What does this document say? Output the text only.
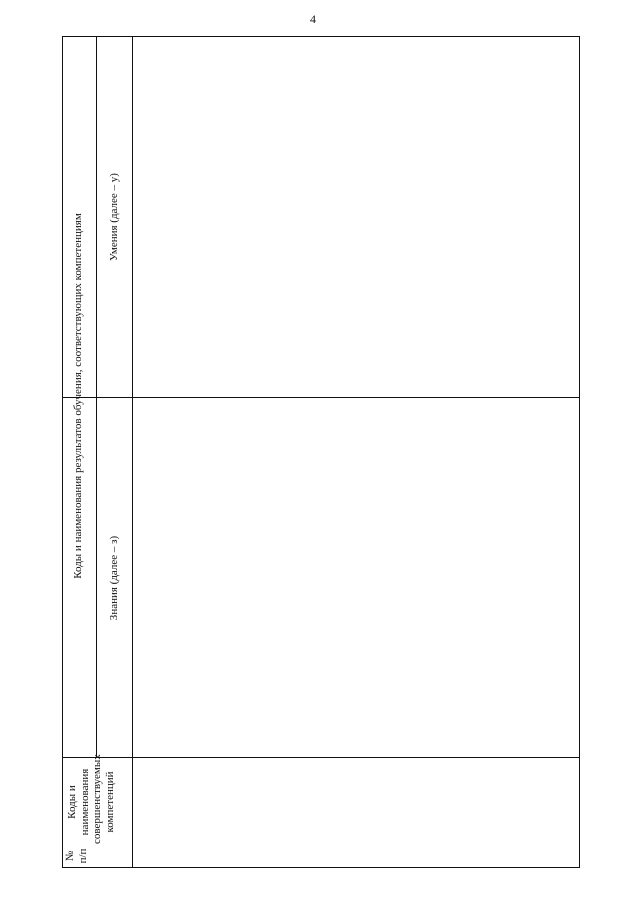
4
№ п/п
Коды и наименования совершенствуемых компетенций
Коды и наименования результатов обучения, соответствующих компетенциям Знания (далее – з)
Умения (далее – у)
